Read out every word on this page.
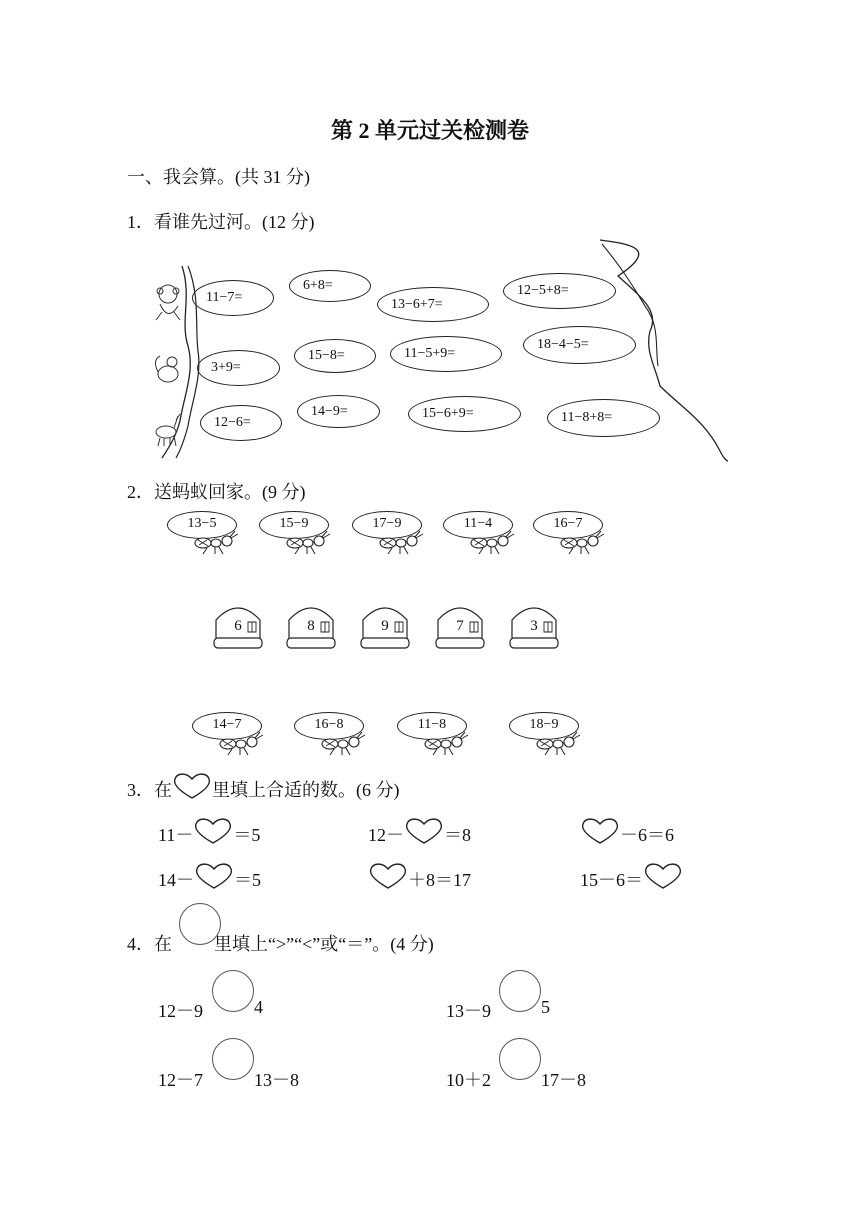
第 2 单元过关检测卷
一、我会算。(共 31 分)
1．看谁先过河。(12 分)
11−7=
6+8=
13−6+7=
12−5+8=
3+9=
15−8=	11−5+9=
18−4−5=
12−6=
14−9=	15−6+9=	11−8+8=
2．送蚂蚁回家。(9 分)
13−5	15−9	17−9	11−4	16−7
6	8	9	7	3
14−7	16−8	11−8	18−9
3．在 里填上合适的数。(6 分)
11－ ＝5	12－ ＝8	－6＝6
14－ ＝5	＋8＝17	15－6＝
4．在 里填上“>”“<”或“＝”。(4 分)
12－9	4	13－9	5
12－7	13－8	10＋2	17－8
